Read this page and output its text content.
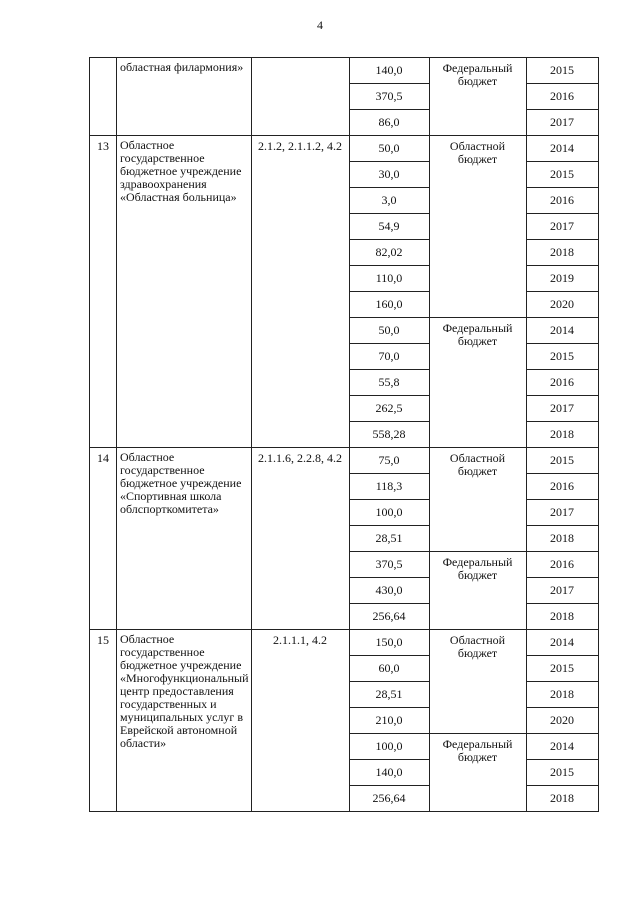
4
	областная филармония»		140,0	Федеральный бюджет	2015
			370,5		2016
			86,0		2017
13	Областное государственное бюджетное учреждение здравоохранения «Областная больница»	2.1.2, 2.1.1.2, 4.2	50,0	Областной бюджет	2014
			30,0		2015
			3,0		2016
			54,9		2017
			82,02		2018
			110,0		2019
			160,0		2020
			50,0	Федеральный бюджет	2014
			70,0		2015
			55,8		2016
			262,5		2017
			558,28		2018
14	Областное государственное бюджетное учреждение «Спортивная школа облспорткомитета»	2.1.1.6, 2.2.8, 4.2	75,0	Областной бюджет	2015
			118,3		2016
			100,0		2017
			28,51		2018
			370,5	Федеральный бюджет	2016
			430,0		2017
			256,64		2018
15	Областное государственное бюджетное учреждение «Многофункциональный центр предоставления государственных и муниципальных услуг в Еврейской автономной области»	2.1.1.1, 4.2	150,0	Областной бюджет	2014
			60,0		2015
			28,51		2018
			210,0		2020
			100,0	Федеральный бюджет	2014
			140,0		2015
			256,64		2018
